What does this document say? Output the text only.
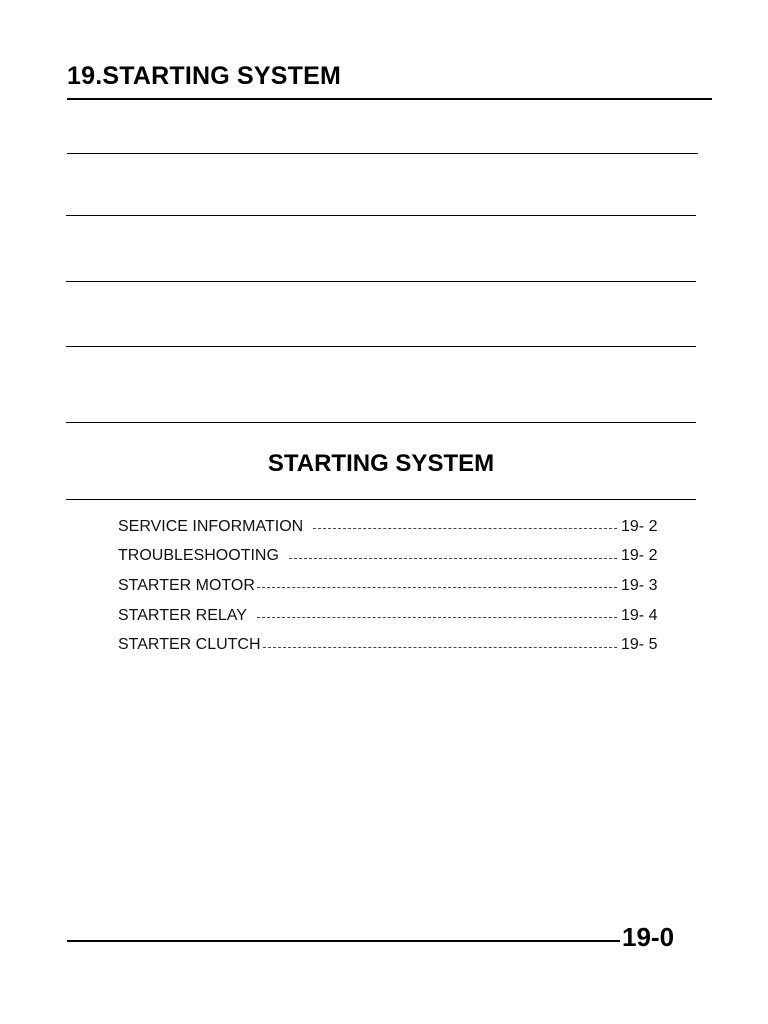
19.STARTING SYSTEM
STARTING SYSTEM
SERVICE INFORMATION	19- 2
TROUBLESHOOTING	19- 2
STARTER MOTOR	19- 3
STARTER RELAY	19- 4
STARTER CLUTCH	19- 5
19-0
